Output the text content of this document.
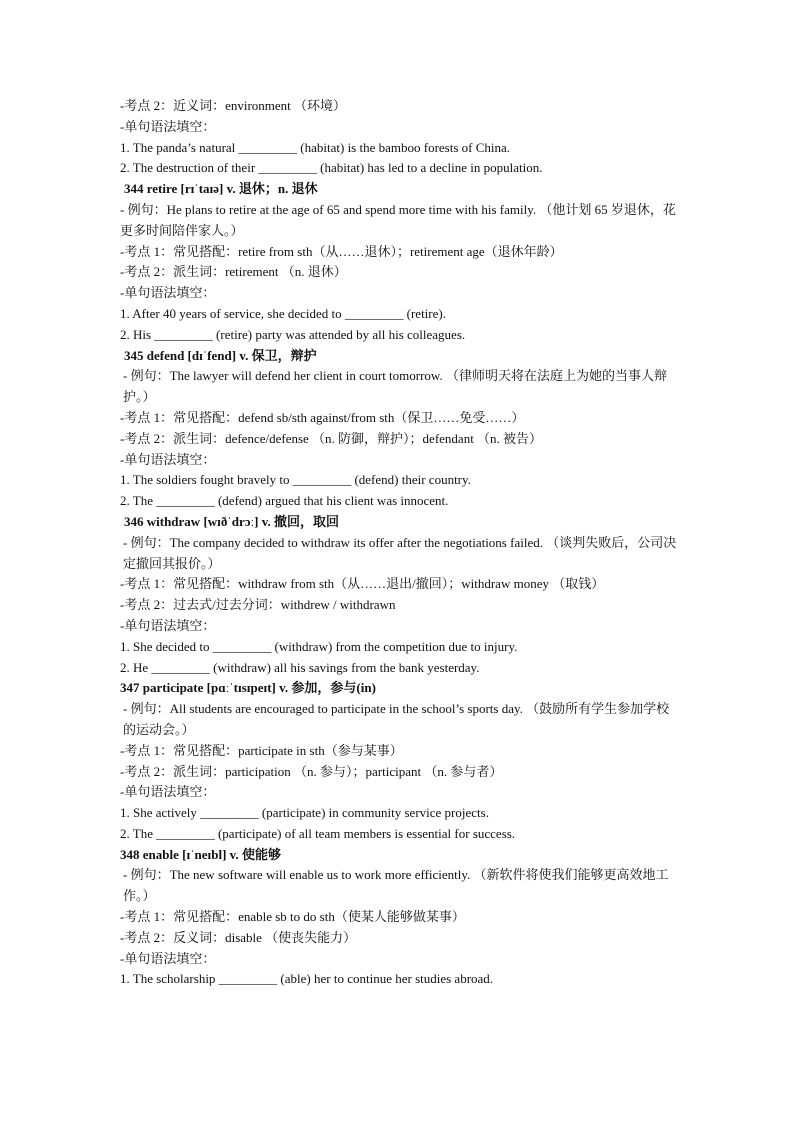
-考点 2：近义词：environment （环境）
-单句语法填空：
1. The panda’s natural _________ (habitat) is the bamboo forests of China.
2. The destruction of their _________ (habitat) has led to a decline in population.
344 retire [rɪˈtaɪə] v. 退休；n. 退休
- 例句：He plans to retire at the age of 65 and spend more time with his family. （他计划 65 岁退休，花更多时间陪伴家人。）
-考点 1：常见搭配：retire from sth（从……退休）；retirement age（退休年龄）
-考点 2：派生词：retirement （n. 退休）
-单句语法填空：
1. After 40 years of service, she decided to _________ (retire).
2. His _________ (retire) party was attended by all his colleagues.
345 defend [dɪˈfend] v. 保卫，辩护
- 例句：The lawyer will defend her client in court tomorrow. （律师明天将在法庭上为她的当事人辩护。）
-考点 1：常见搭配：defend sb/sth against/from sth（保卫……免受……）
-考点 2：派生词：defence/defense （n. 防御，辩护）；defendant （n. 被告）
-单句语法填空：
1. The soldiers fought bravely to _________ (defend) their country.
2. The _________ (defend) argued that his client was innocent.
346 withdraw [wɪðˈdrɔː] v. 撤回，取回
- 例句：The company decided to withdraw its offer after the negotiations failed. （谈判失败后，公司决定撤回其报价。）
-考点 1：常见搭配：withdraw from sth（从……退出/撤回）；withdraw money （取钱）
-考点 2：过去式/过去分词：withdrew / withdrawn
-单句语法填空：
1. She decided to _________ (withdraw) from the competition due to injury.
2. He _________ (withdraw) all his savings from the bank yesterday.
347 participate [pɑːˈtɪsɪpeɪt] v. 参加，参与(in)
- 例句：All students are encouraged to participate in the school’s sports day. （鼓励所有学生参加学校的运动会。）
-考点 1：常见搭配：participate in sth（参与某事）
-考点 2：派生词：participation （n. 参与）；participant （n. 参与者）
-单句语法填空：
1. She actively _________ (participate) in community service projects.
2. The _________ (participate) of all team members is essential for success.
348 enable [ɪˈneɪbl] v. 使能够
- 例句：The new software will enable us to work more efficiently. （新软件将使我们能够更高效地工作。）
-考点 1：常见搭配：enable sb to do sth（使某人能够做某事）
-考点 2：反义词：disable （使丧失能力）
-单句语法填空：
1. The scholarship _________ (able) her to continue her studies abroad.
